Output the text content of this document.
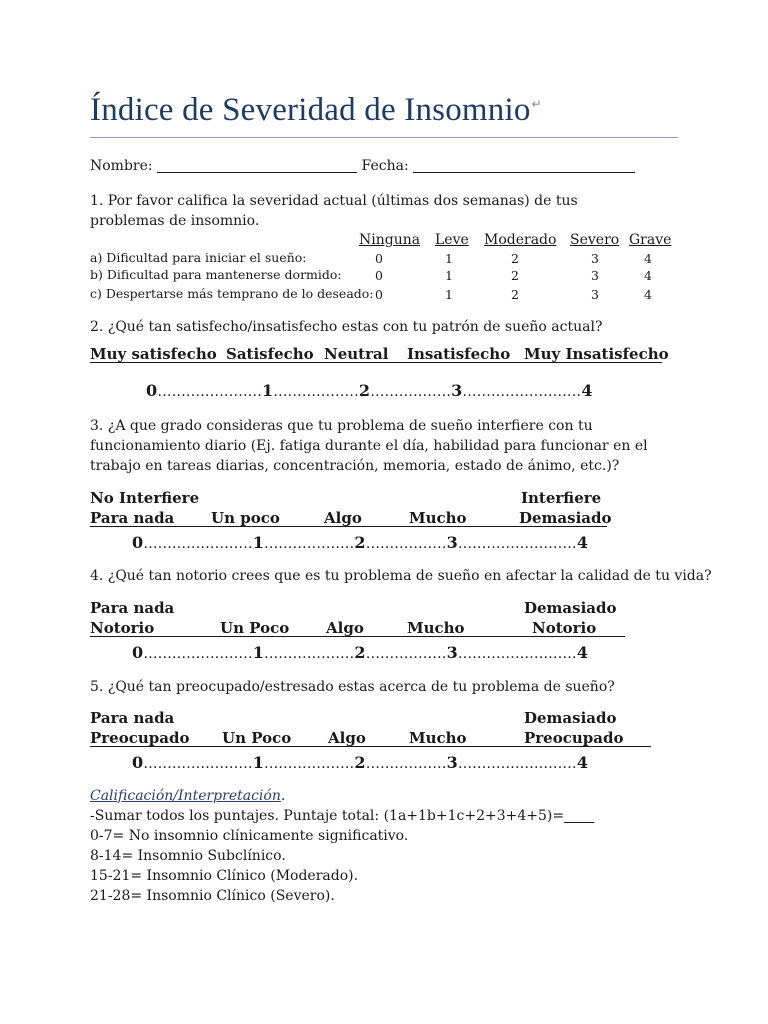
Índice de Severidad de Insomnio↵
Nombre:	Fecha:
1. Por favor califica la severidad actual (últimas dos semanas) de tus problemas de insomnio.
Ninguna Leve Moderado Severo Grave
a) Dificultad para iniciar el sueño:	0	1	2	3	4
b) Dificultad para mantenerse dormido:	0	1	2	3	4
c) Despertarse más temprano de lo deseado: 0	1	2	3	4
2. ¿Qué tan satisfecho/insatisfecho estas con tu patrón de sueño actual?
Muy satisfecho Satisfecho Neutral Insatisfecho Muy Insatisfecho
0......................1..................2.................3.........................4
3. ¿A que grado consideras que tu problema de sueño interfiere con tu funcionamiento diario (Ej. fatiga durante el día, habilidad para funcionar en el trabajo en tareas diarias, concentración, memoria, estado de ánimo, etc.)?
No Interfiere	Interfiere
Para nada Un poco	Algo	Mucho	Demasiado
0.......................1...................2.................3.........................4
4. ¿Qué tan notorio crees que es tu problema de sueño en afectar la calidad de tu vida?
Para nada	Demasiado
Notorio	Un Poco Algo	Mucho	Notorio
0.......................1...................2.................3.........................4
5. ¿Qué tan preocupado/estresado estas acerca de tu problema de sueño?
Para nada	Demasiado
Preocupado Un Poco Algo	Mucho	Preocupado
0.......................1...................2.................3.........................4
Calificación/Interpretación.
-Sumar todos los puntajes. Puntaje total: (1a+1b+1c+2+3+4+5)=
0-7= No insomnio clínicamente significativo.
8-14= Insomnio Subclínico.
15-21= Insomnio Clínico (Moderado).
21-28= Insomnio Clínico (Severo).
